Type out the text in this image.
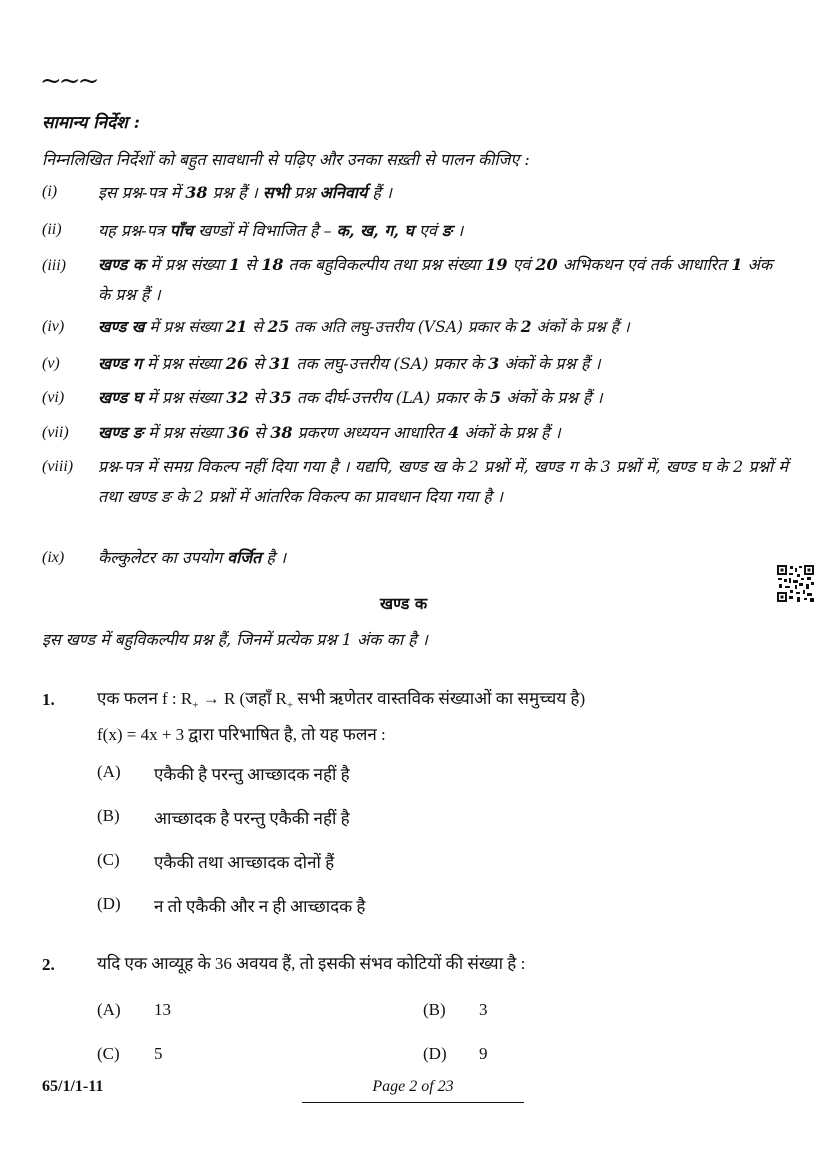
~~~
सामान्य निर्देश :
निम्नलिखित निर्देशों को बहुत सावधानी से पढ़िए और उनका सख़्ती से पालन कीजिए :
(i)	इस प्रश्न-पत्र में 38 प्रश्न हैं । सभी प्रश्न अनिवार्य हैं ।
(ii) यह प्रश्न-पत्र पाँच खण्डों में विभाजित है – क, ख, ग, घ एवं ङ ।
(iii) खण्ड क में प्रश्न संख्या 1 से 18 तक बहुविकल्पीय तथा प्रश्न संख्या 19 एवं 20 अभिकथन एवं तर्क आधारित 1 अंक के प्रश्न हैं ।
(iv) खण्ड ख में प्रश्न संख्या 21 से 25 तक अति लघु-उत्तरीय (VSA) प्रकार के 2 अंकों के प्रश्न हैं ।
(v) खण्ड ग में प्रश्न संख्या 26 से 31 तक लघु-उत्तरीय (SA) प्रकार के 3 अंकों के प्रश्न हैं ।
(vi) खण्ड घ में प्रश्न संख्या 32 से 35 तक दीर्घ-उत्तरीय (LA) प्रकार के 5 अंकों के प्रश्न हैं ।
(vii) खण्ड ङ में प्रश्न संख्या 36 से 38 प्रकरण अध्ययन आधारित 4 अंकों के प्रश्न हैं ।
(viii) प्रश्न-पत्र में समग्र विकल्प नहीं दिया गया है । यद्यपि, खण्ड ख के 2 प्रश्नों में, खण्ड ग के 3 प्रश्नों में, खण्ड घ के 2 प्रश्नों में तथा खण्ड ङ के 2 प्रश्नों में आंतरिक विकल्प का प्रावधान दिया गया है ।
(ix) कैल्कुलेटर का उपयोग वर्जित है ।
खण्ड क
इस खण्ड में बहुविकल्पीय प्रश्न हैं, जिनमें प्रत्येक प्रश्न 1 अंक का है ।
1. एक फलन f : $R_+ \to R$ (जहाँ $R_+$ सभी ऋणेतर वास्तविक संख्याओं का समुच्चय है)
f(x) = 4x + 3 द्वारा परिभाषित है, तो यह फलन :
(A) एकैकी है परन्तु आच्छादक नहीं है
(B) आच्छादक है परन्तु एकैकी नहीं है
(C) एकैकी तथा आच्छादक दोनों हैं
(D) न तो एकैकी और न ही आच्छादक है
2. यदि एक आव्यूह के 36 अवयव हैं, तो इसकी संभव कोटियों की संख्या है :
(A) 13	(B) 3
(C) 5	(D) 9
65/1/1-11	Page 2 of 23
